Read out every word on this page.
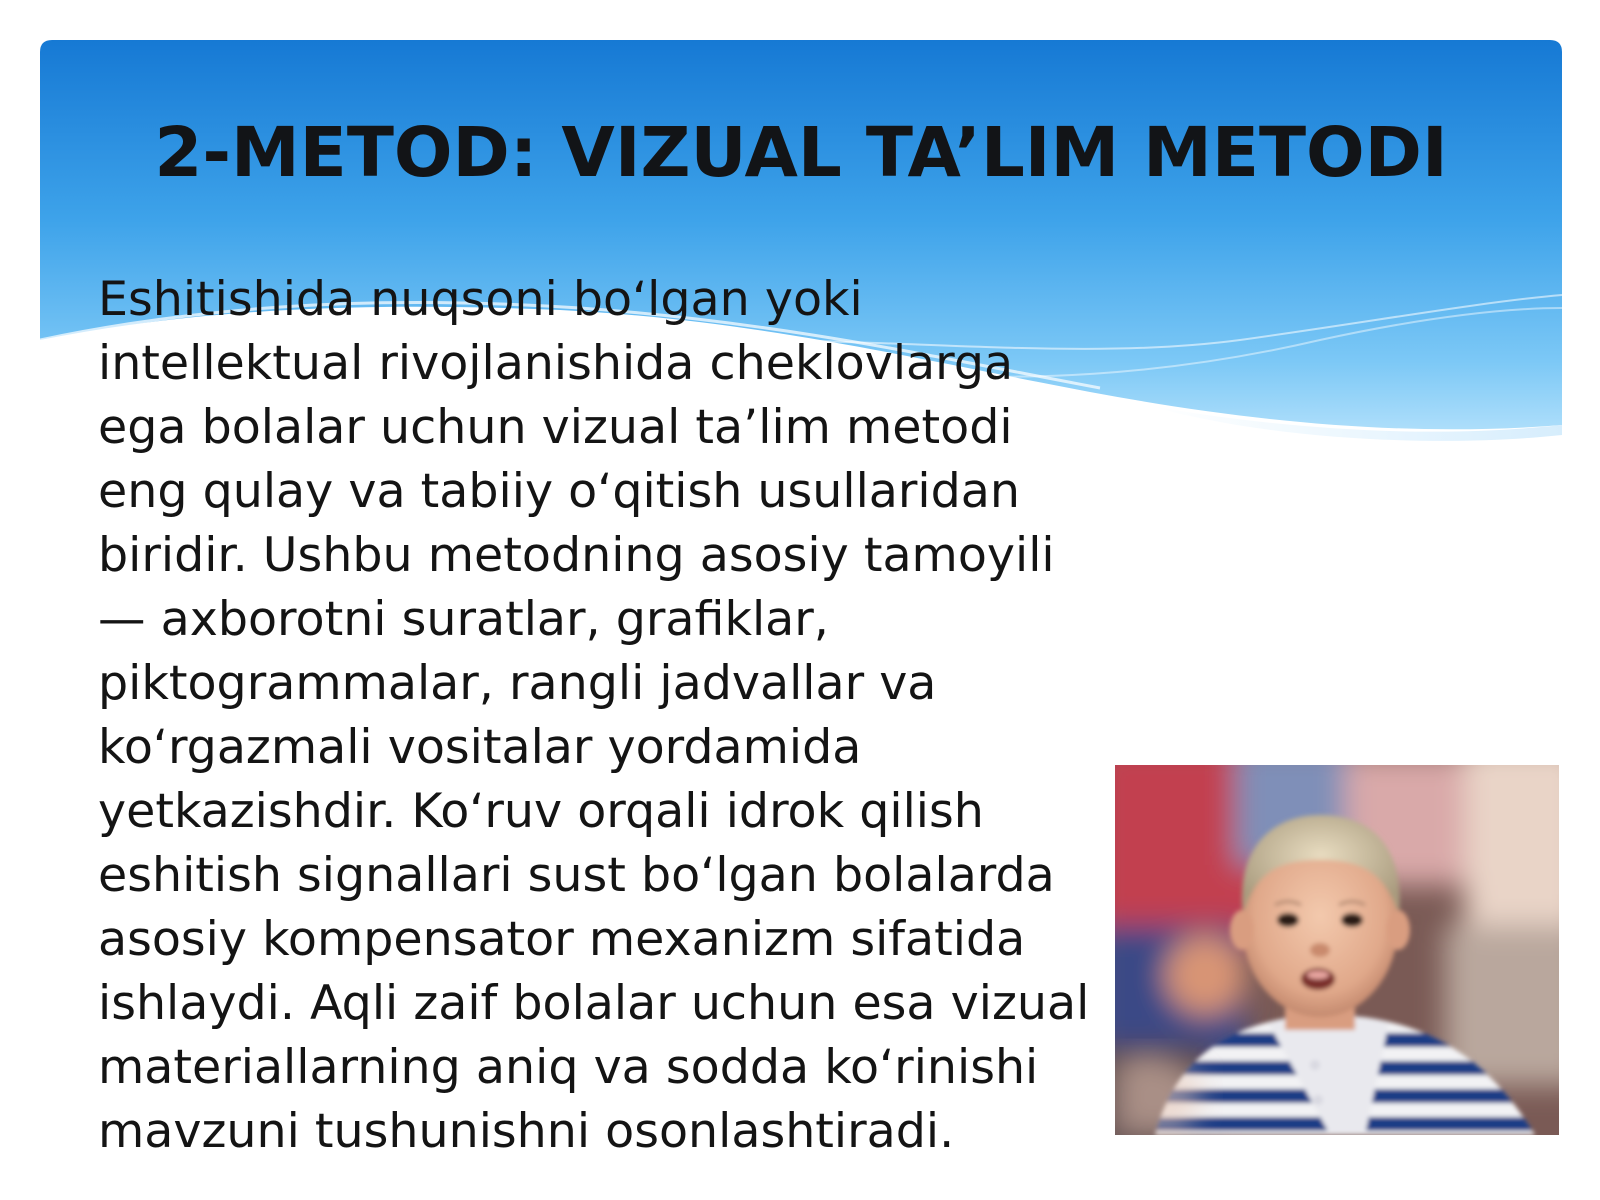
2-METOD: VIZUAL TA’LIM METODI
Eshitishida nuqsoni bo‘lgan yoki
intellektual rivojlanishida cheklovlarga
ega bolalar uchun vizual ta’lim metodi
eng qulay va tabiiy o‘qitish usullaridan
biridir. Ushbu metodning asosiy tamoyili
— axborotni suratlar, grafiklar,
piktogrammalar, rangli jadvallar va
ko‘rgazmali vositalar yordamida
yetkazishdir. Ko‘ruv orqali idrok qilish
eshitish signallari sust bo‘lgan bolalarda
asosiy kompensator mexanizm sifatida
ishlaydi. Aqli zaif bolalar uchun esa vizual
materiallarning aniq va sodda ko‘rinishi
mavzuni tushunishni osonlashtiradi.
